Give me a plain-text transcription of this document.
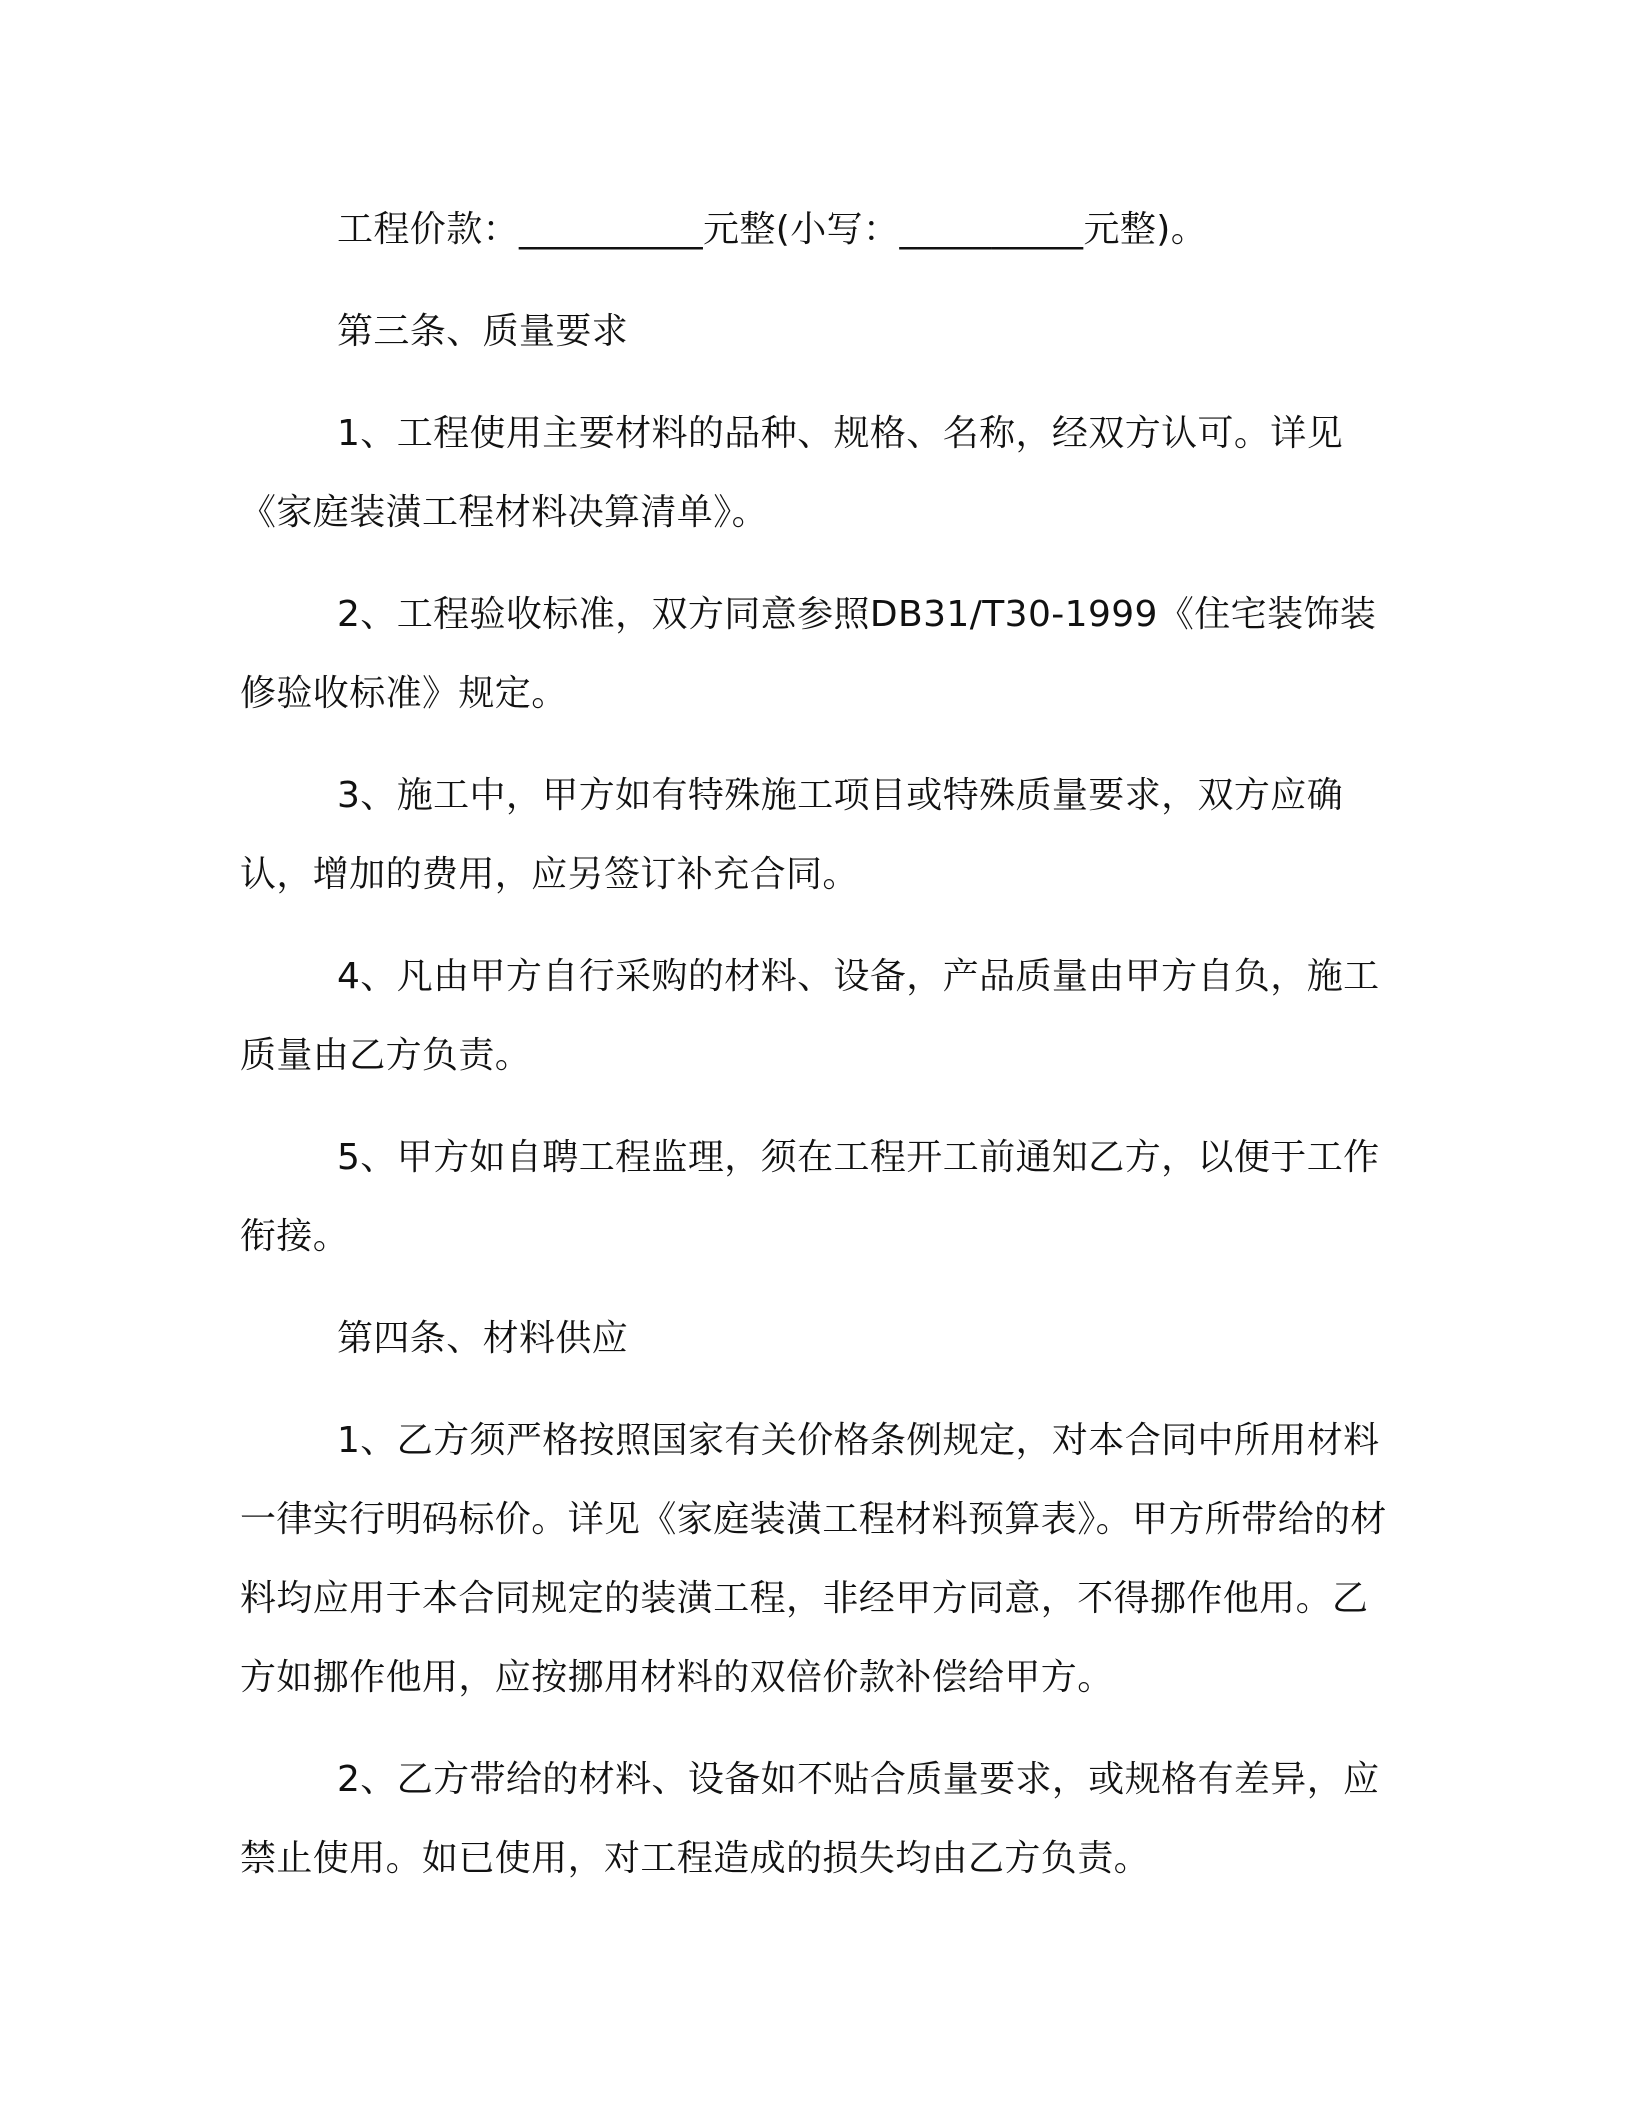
工程价款：__________元整(小写：__________元整)。

第三条、质量要求

1、工程使用主要材料的品种、规格、名称，经双方认可。详见《家庭装潢工程材料决算清单》。

2、工程验收标准，双方同意参照DB31/T30-1999《住宅装饰装修验收标准》规定。

3、施工中，甲方如有特殊施工项目或特殊质量要求，双方应确认，增加的费用，应另签订补充合同。

4、凡由甲方自行采购的材料、设备，产品质量由甲方自负，施工质量由乙方负责。

5、甲方如自聘工程监理，须在工程开工前通知乙方，以便于工作衔接。

第四条、材料供应

1、乙方须严格按照国家有关价格条例规定，对本合同中所用材料一律实行明码标价。详见《家庭装潢工程材料预算表》。甲方所带给的材料均应用于本合同规定的装潢工程，非经甲方同意，不得挪作他用。乙方如挪作他用，应按挪用材料的双倍价款补偿给甲方。

2、乙方带给的材料、设备如不贴合质量要求，或规格有差异，应禁止使用。如已使用，对工程造成的损失均由乙方负责。
